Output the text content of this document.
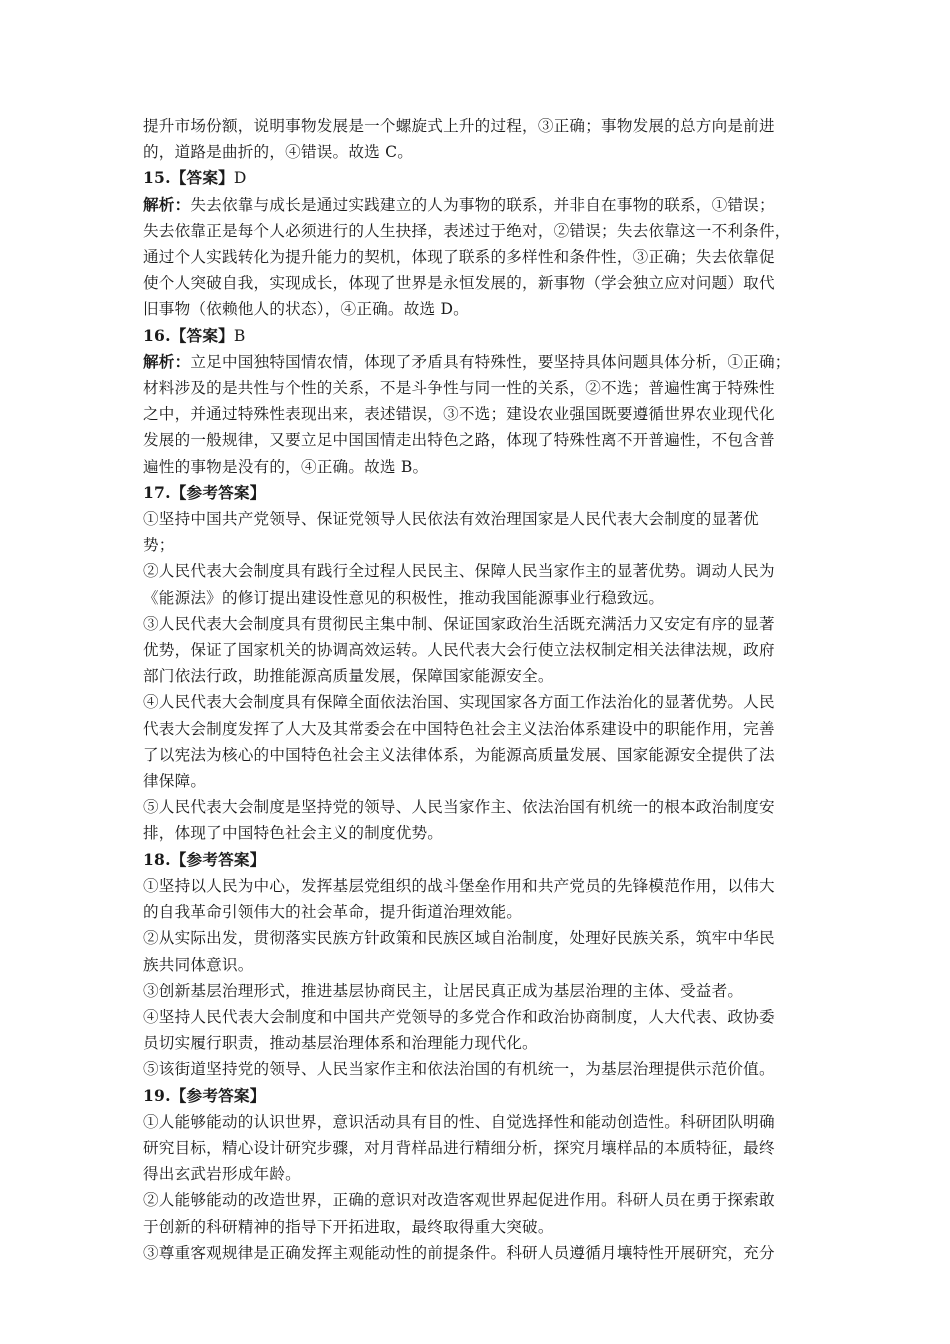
提升市场份额，说明事物发展是一个螺旋式上升的过程，③正确；事物发展的总方向是前进
的，道路是曲折的，④错误。故选 C。
15.【答案】D
解析：失去依靠与成长是通过实践建立的人为事物的联系，并非自在事物的联系，①错误；
失去依靠正是每个人必须进行的人生抉择，表述过于绝对，②错误；失去依靠这一不利条件，
通过个人实践转化为提升能力的契机，体现了联系的多样性和条件性，③正确；失去依靠促
使个人突破自我，实现成长，体现了世界是永恒发展的，新事物（学会独立应对问题）取代
旧事物（依赖他人的状态），④正确。故选 D。
16.【答案】B
解析：立足中国独特国情农情，体现了矛盾具有特殊性，要坚持具体问题具体分析，①正确；
材料涉及的是共性与个性的关系，不是斗争性与同一性的关系，②不选；普遍性寓于特殊性
之中，并通过特殊性表现出来，表述错误，③不选；建设农业强国既要遵循世界农业现代化
发展的一般规律，又要立足中国国情走出特色之路，体现了特殊性离不开普遍性，不包含普
遍性的事物是没有的，④正确。故选 B。
17.【参考答案】
①坚持中国共产党领导、保证党领导人民依法有效治理国家是人民代表大会制度的显著优
势；
②人民代表大会制度具有践行全过程人民民主、保障人民当家作主的显著优势。调动人民为
《能源法》的修订提出建设性意见的积极性，推动我国能源事业行稳致远。
③人民代表大会制度具有贯彻民主集中制、保证国家政治生活既充满活力又安定有序的显著
优势，保证了国家机关的协调高效运转。人民代表大会行使立法权制定相关法律法规，政府
部门依法行政，助推能源高质量发展，保障国家能源安全。
④人民代表大会制度具有保障全面依法治国、实现国家各方面工作法治化的显著优势。人民
代表大会制度发挥了人大及其常委会在中国特色社会主义法治体系建设中的职能作用，完善
了以宪法为核心的中国特色社会主义法律体系，为能源高质量发展、国家能源安全提供了法
律保障。
⑤人民代表大会制度是坚持党的领导、人民当家作主、依法治国有机统一的根本政治制度安
排，体现了中国特色社会主义的制度优势。
18.【参考答案】
①坚持以人民为中心，发挥基层党组织的战斗堡垒作用和共产党员的先锋模范作用，以伟大
的自我革命引领伟大的社会革命，提升街道治理效能。
②从实际出发，贯彻落实民族方针政策和民族区域自治制度，处理好民族关系，筑牢中华民
族共同体意识。
③创新基层治理形式，推进基层协商民主，让居民真正成为基层治理的主体、受益者。
④坚持人民代表大会制度和中国共产党领导的多党合作和政治协商制度，人大代表、政协委
员切实履行职责，推动基层治理体系和治理能力现代化。
⑤该街道坚持党的领导、人民当家作主和依法治国的有机统一，为基层治理提供示范价值。
19.【参考答案】
①人能够能动的认识世界，意识活动具有目的性、自觉选择性和能动创造性。科研团队明确
研究目标，精心设计研究步骤，对月背样品进行精细分析，探究月壤样品的本质特征，最终
得出玄武岩形成年龄。
②人能够能动的改造世界，正确的意识对改造客观世界起促进作用。科研人员在勇于探索敢
于创新的科研精神的指导下开拓进取，最终取得重大突破。
③尊重客观规律是正确发挥主观能动性的前提条件。科研人员遵循月壤特性开展研究，充分
